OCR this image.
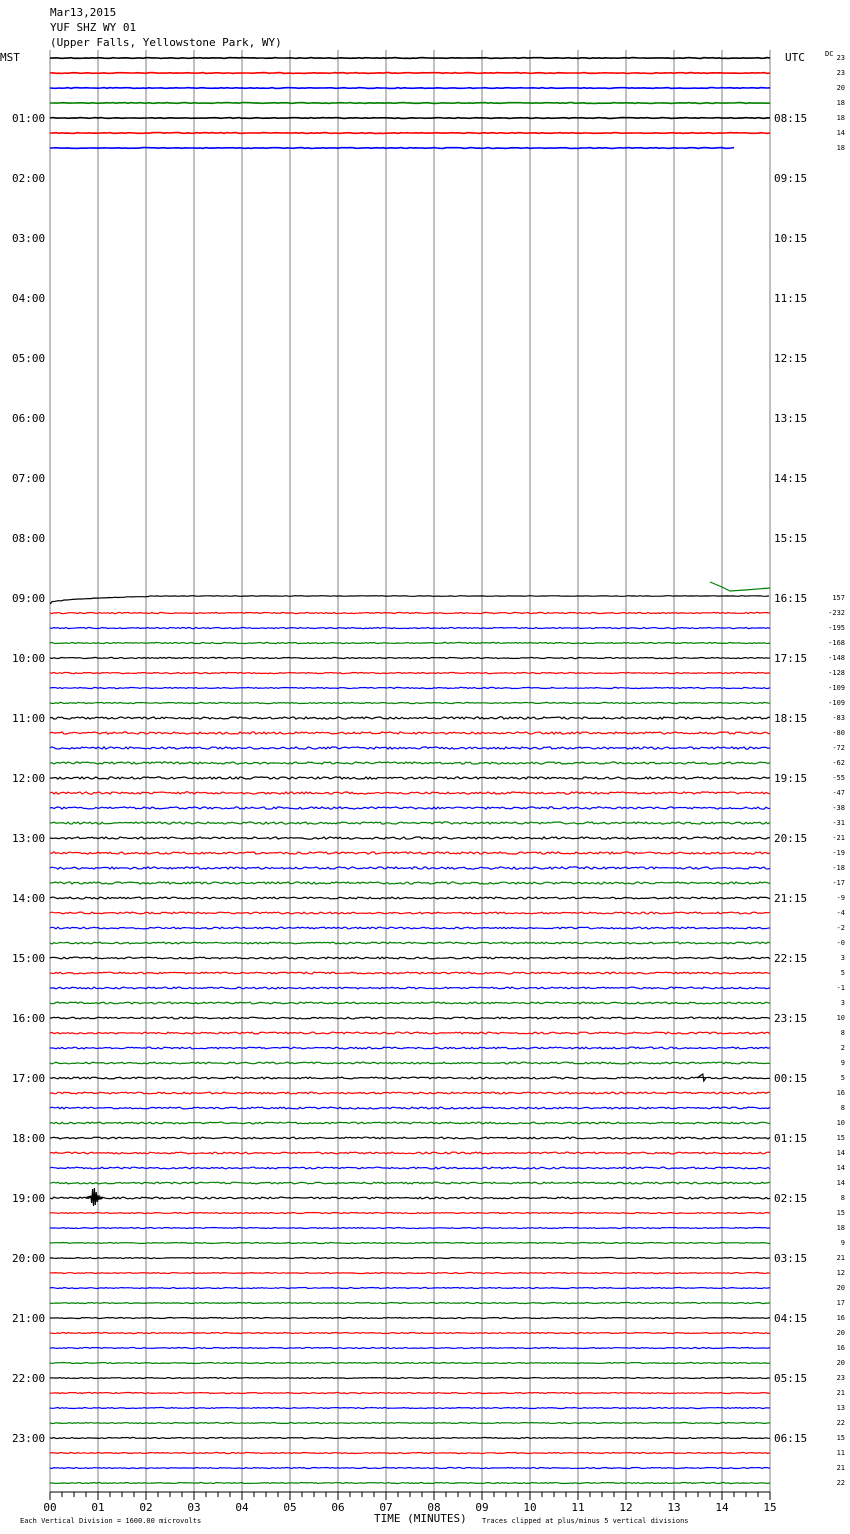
Mar13,2015
YUF SHZ WY 01
(Upper Falls, Yellowstone Park, WY)
MST	UTC	DC
01:00	08:15
02:00	09:15
03:00	10:15
04:00	11:15
05:00	12:15
06:00	13:15
07:00	14:15
08:00	15:15
09:00	16:15
10:00	17:15
11:00	18:15
12:00	19:15
13:00	20:15
14:00	21:15
15:00	22:15
16:00	23:15
17:00	00:15
18:00	01:15
19:00	02:15
20:00	03:15
21:00	04:15
22:00	05:15
23:00	06:15
23
23
20
18
18
14
18
157
-232
-195
-168
-148
-128
-109
-109
-83
-80
-72
-62
-55
-47
-38
-31
-21
-19
-18
-17
-9
-4
-2
-0
3
5
-1
3
10
8
2
9
5
16
8
10
15
14
14
14
8
15
18
9
21
12
20
17
16
20
16
20
23
21
13
22
15
11
21
22
00	01	02	03	04	05	06	07	08	09	10	11	12	13	14	15
TIME (MINUTES)
Each Vertical Division = 1600.00 microvolts	Traces clipped at plus/minus 5 vertical divisions
